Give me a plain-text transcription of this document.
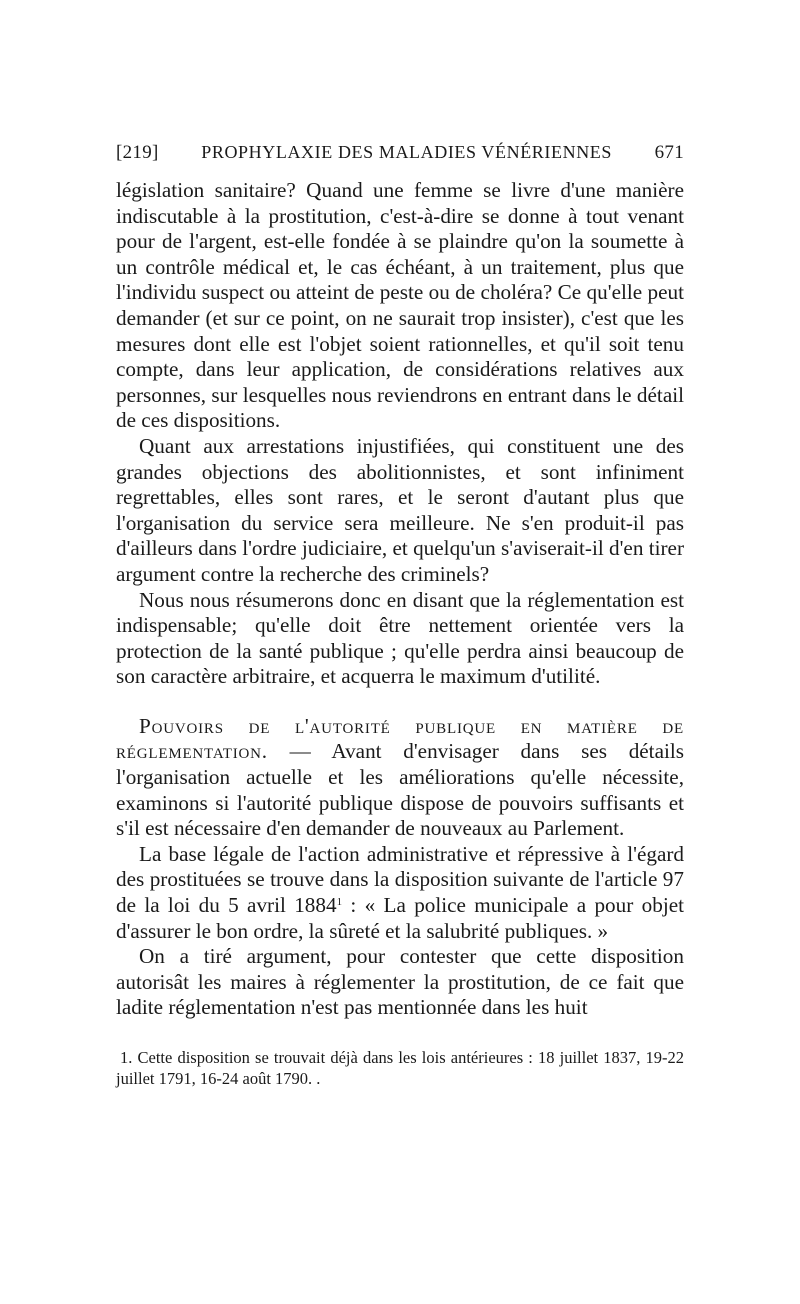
[219] PROPHYLAXIE DES MALADIES VÉNÉRIENNES 671

législation sanitaire? Quand une femme se livre d'une manière indiscutable à la prostitution, c'est-à-dire se donne à tout venant pour de l'argent, est-elle fondée à se plaindre qu'on la soumette à un contrôle médical et, le cas échéant, à un traitement, plus que l'individu suspect ou atteint de peste ou de choléra? Ce qu'elle peut demander (et sur ce point, on ne saurait trop insister), c'est que les mesures dont elle est l'objet soient rationnelles, et qu'il soit tenu compte, dans leur application, de considérations relatives aux personnes, sur lesquelles nous reviendrons en entrant dans le détail de ces dispositions.

Quant aux arrestations injustifiées, qui constituent une des grandes objections des abolitionnistes, et sont infiniment regrettables, elles sont rares, et le seront d'autant plus que l'organisation du service sera meilleure. Ne s'en produit-il pas d'ailleurs dans l'ordre judiciaire, et quelqu'un s'aviserait-il d'en tirer argument contre la recherche des criminels?

Nous nous résumerons donc en disant que la réglementation est indispensable; qu'elle doit être nettement orientée vers la protection de la santé publique ; qu'elle perdra ainsi beaucoup de son caractère arbitraire, et acquerra le maximum d'utilité.

Pouvoirs de l'autorité publique en matière de réglementation. — Avant d'envisager dans ses détails l'organisation actuelle et les améliorations qu'elle nécessite, examinons si l'autorité publique dispose de pouvoirs suffisants et s'il est nécessaire d'en demander de nouveaux au Parlement.

La base légale de l'action administrative et répressive à l'égard des prostituées se trouve dans la disposition suivante de l'article 97 de la loi du 5 avril 1884$^1$ : « La police municipale a pour objet d'assurer le bon ordre, la sûreté et la salubrité publiques. »

On a tiré argument, pour contester que cette disposition autorisât les maires à réglementer la prostitution, de ce fait que ladite réglementation n'est pas mentionnée dans les huit

1. Cette disposition se trouvait déjà dans les lois antérieures : 18 juillet 1837, 19-22 juillet 1791, 16-24 août 1790. .
